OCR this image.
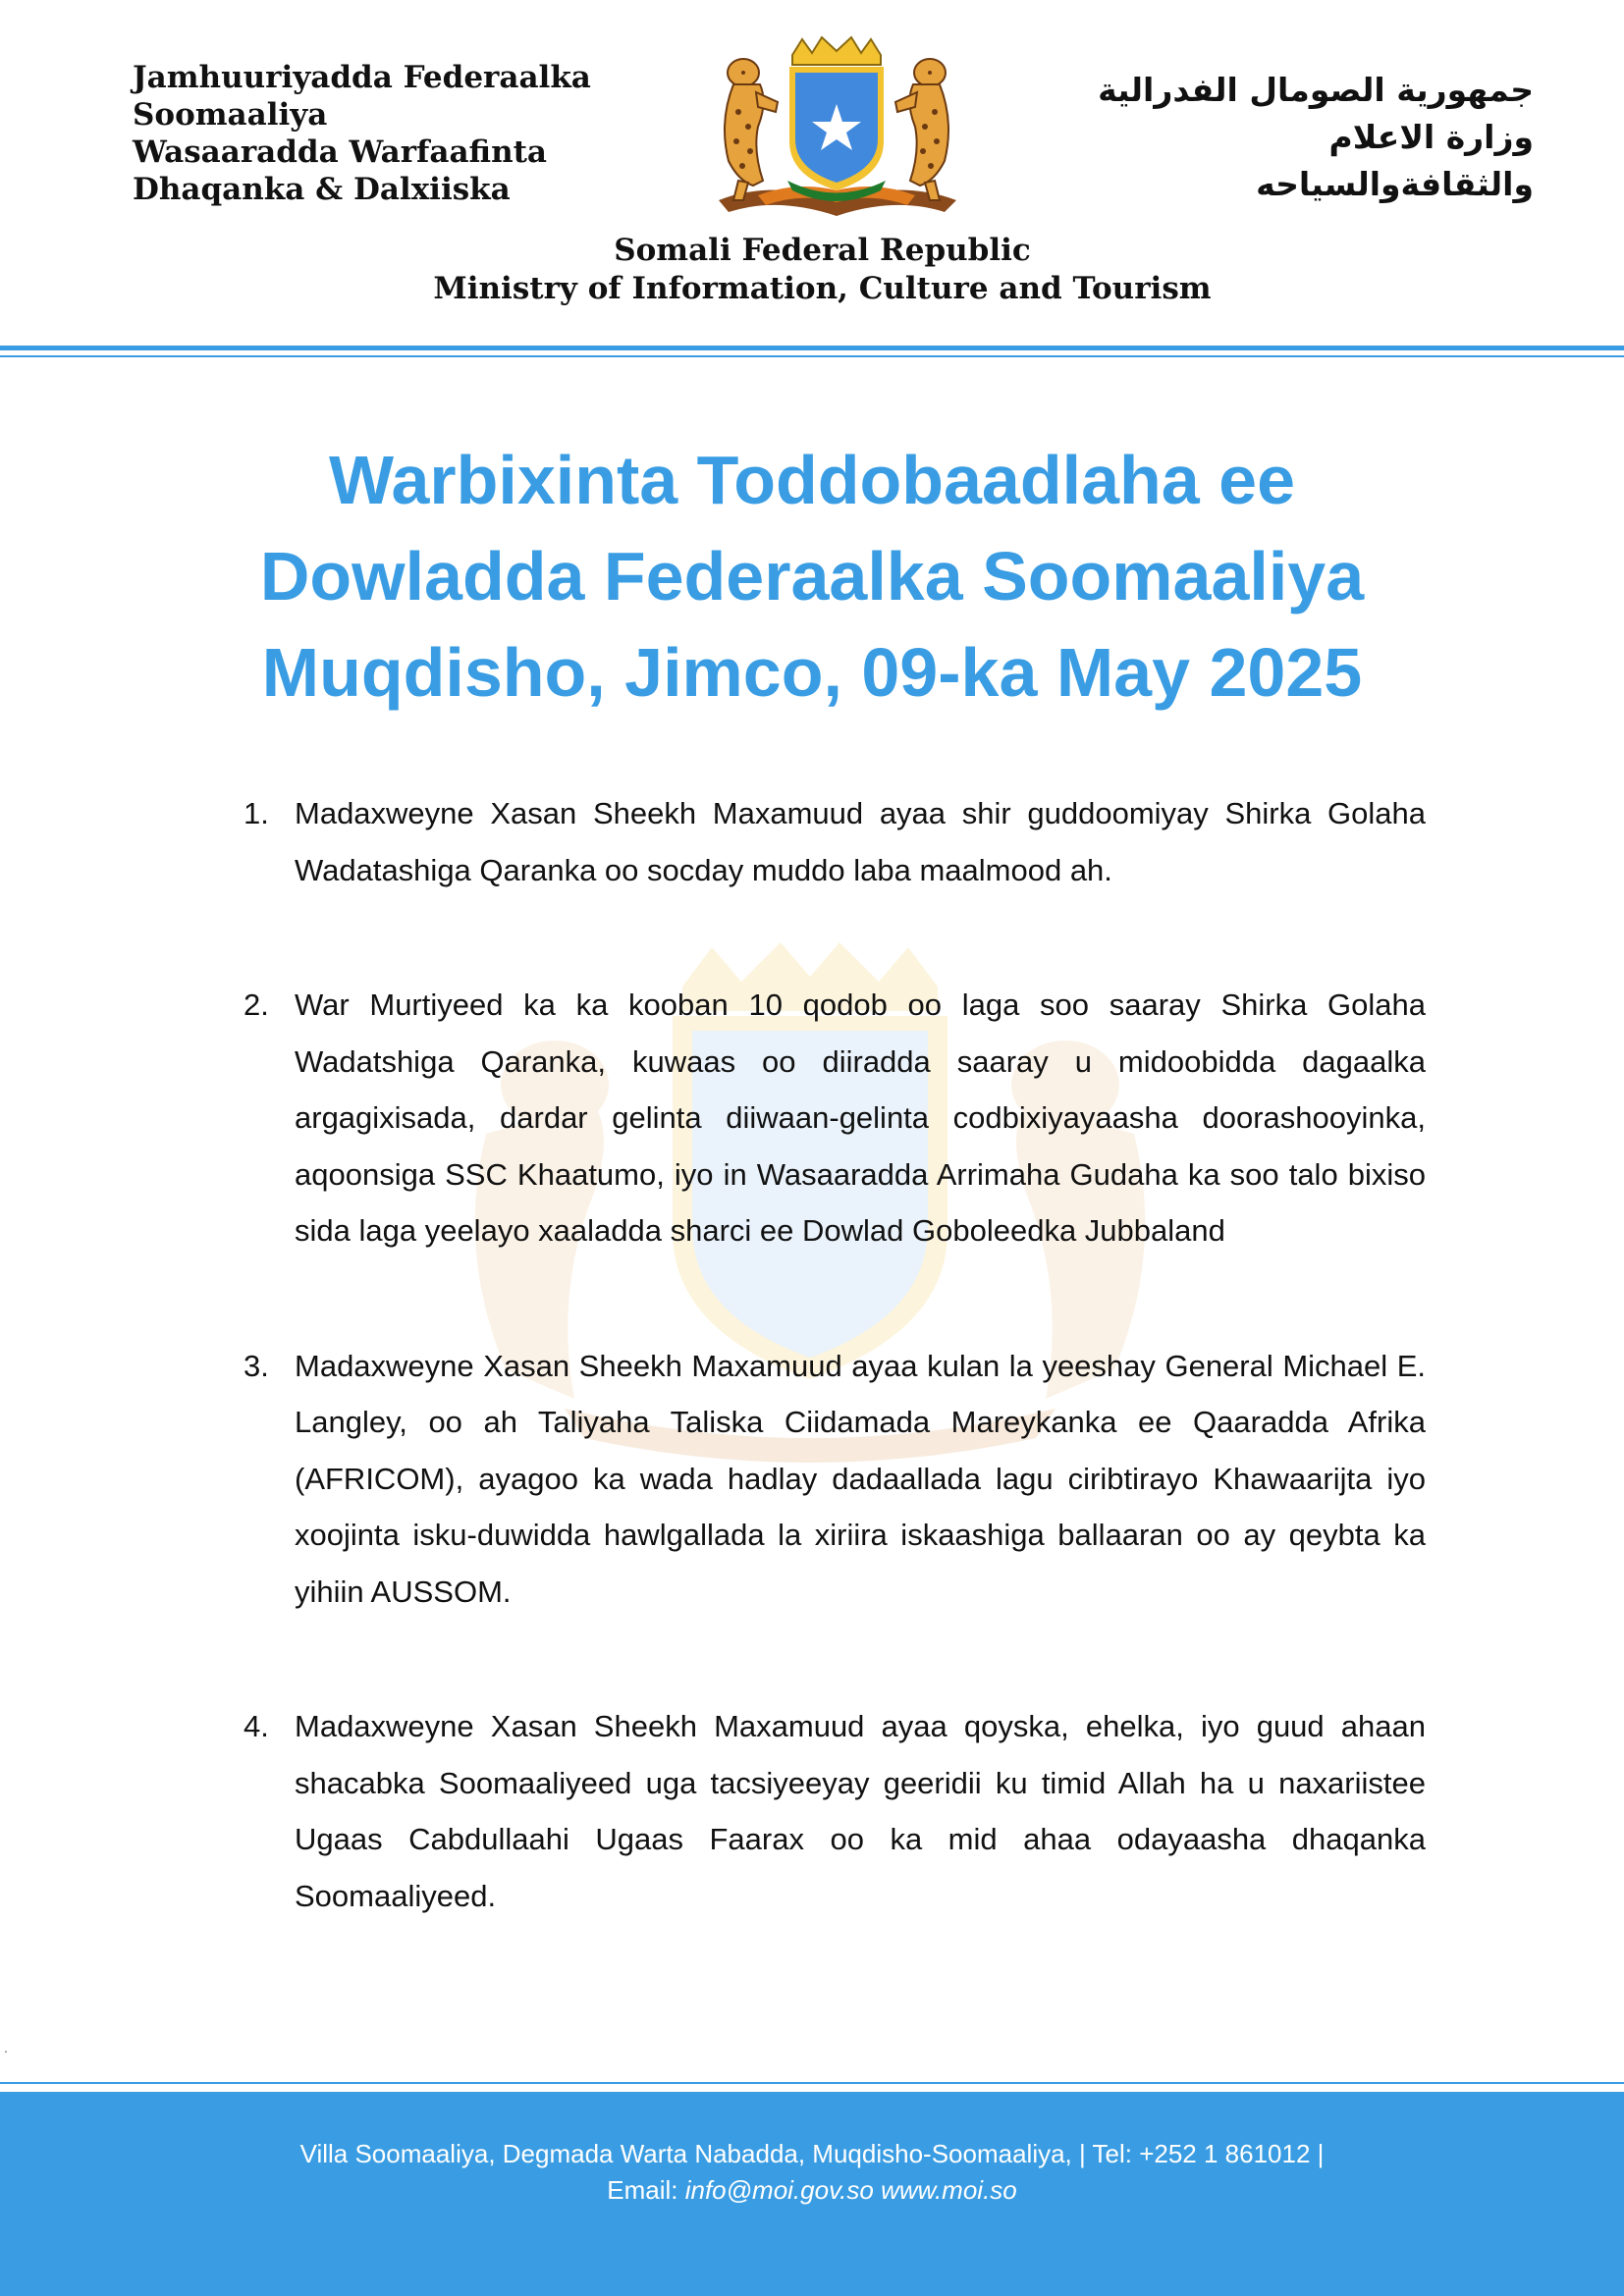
Jamhuuriyadda Federaalka
Soomaaliya
Wasaaradda Warfaafinta
Dhaqanka & Dalxiiska
جمهورية الصومال الفدرالية
وزارة الاعلام
والثقافةوالسياحه
Somali Federal Republic
Ministry of Information, Culture and Tourism
Warbixinta Toddobaadlaha ee
Dowladda Federaalka Soomaaliya
Muqdisho, Jimco, 09-ka May 2025
1. Madaxweyne Xasan Sheekh Maxamuud ayaa shir guddoomiyay Shirka Golaha Wadatashiga Qaranka oo socday muddo laba maalmood ah.
2. War Murtiyeed ka ka kooban 10 qodob oo laga soo saaray Shirka Golaha Wadatshiga Qaranka, kuwaas oo diiradda saaray u midoobidda dagaalka argagixisada, dardar gelinta diiwaan-gelinta codbixiyayaasha doorashooyinka, aqoonsiga SSC Khaatumo, iyo in Wasaaradda Arrimaha Gudaha ka soo talo bixiso sida laga yeelayo xaaladda sharci ee Dowlad Goboleedka Jubbaland
3. Madaxweyne Xasan Sheekh Maxamuud ayaa kulan la yeeshay General Michael E. Langley, oo ah Taliyaha Taliska Ciidamada Mareykanka ee Qaaradda Afrika (AFRICOM), ayagoo ka wada hadlay dadaallada lagu ciribtirayo Khawaarijta iyo xoojinta isku-duwidda hawlgallada la xiriira iskaashiga ballaaran oo ay qeybta ka yihiin AUSSOM.
4. Madaxweyne Xasan Sheekh Maxamuud ayaa qoyska, ehelka, iyo guud ahaan shacabka Soomaaliyeed uga tacsiyeeyay geeridii ku timid Allah ha u naxariistee Ugaas Cabdullaahi Ugaas Faarax oo ka mid ahaa odayaasha dhaqanka Soomaaliyeed.
.
Villa Soomaaliya, Degmada Warta Nabadda, Muqdisho-Soomaaliya, | Tel: +252 1 861012 |
Email: info@moi.gov.so www.moi.so
